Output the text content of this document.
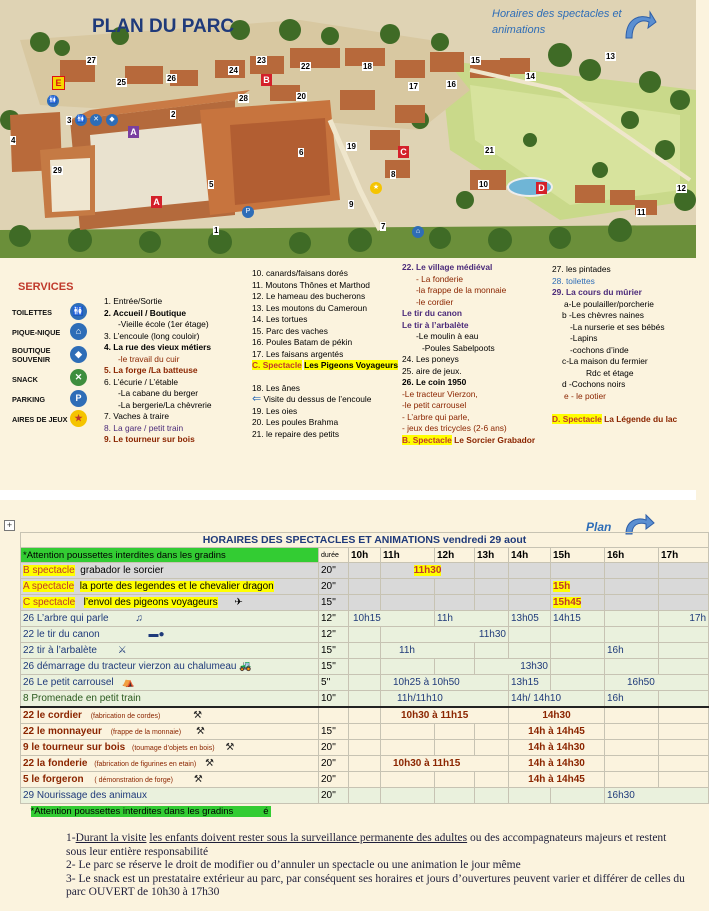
PLAN DU PARC
Horaires des spectacles et animations
27
25	26
24
23
22	18
15
20
19
17	16
13
14
1
2
3
4
5
6
7
8
9
10
11
12
21
28
29
A
A
B
C
D
E
🚻
🚻	✕	◆
P
★
⌂
SERVICES
TOILETTES	🚻
PIQUE-NIQUE	⌂
BOUTIQUE SOUVENIR
◆
SNACK	✕
PARKING	P
AIRES DE JEUX ★
1. Entrée/Sortie
2. Accueil / Boutique
-Vieille école (1er étage)
3. L’encoule (long couloir)
4. La rue des vieux métiers
-le travail du cuir
5. La forge /La batteuse
6. L’écurie / L’étable
-La cabane du berger
-La bergerie/La chèvrerie
7. Vaches à traire
8. La gare / petit train
9. Le tourneur sur bois
10. canards/faisans dorés
11. Moutons Thônes et Marthod
12. Le hameau des bucherons
13. Les moutons du Cameroun
14. Les tortues
15. Parc des vaches
16. Poules Batam de pékin
17. Les faisans argentés
C. Spectacle Les Pigeons Voyageurs
18. Les ânes
⇐ Visite du dessus de l’encoule
19. Les oies
20. Les poules Brahma
21. le repaire des petits
22. Le village médiéval
- La fonderie
-la frappe de la monnaie
-le cordier
Le tir du canon
Le tir à l’arbalète
-Le moulin à eau
-Poules Sabelpoots
24. Les poneys
25. aire de jeux.
26. Le coin 1950
-Le tracteur Vierzon,
-le petit carrousel
- L’arbre qui parle,
- jeux des tricycles (2-6 ans)
B. Spectacle Le Sorcier Grabador
27. les pintades
28. toilettes
29. La cours du mûrier
a-Le poulailler/porcherie
b -Les chèvres naines
-La nurserie et ses bébés
-Lapins
-cochons d’inde
c-La maison du fermier
Rdc et étage
d -Cochons noirs
e - le potier
D. Spectacle La Légende du lac
+	Plan
HORAIRES DES SPECTACLES ET ANIMATIONS vendredi 29 aout									
*Attention poussettes interdites dans les gradins	durée	10h	11h	12h	13h	14h	15h	16h	17h
B spectacle grabador le sorcier	20''		11h30						
A spectacle la porte des legendes et le chevalier dragon	20''						15h		
C spectacle l’envol des pigeons voyageurs ✈	15''						15h45		
26 L’arbre qui parle ♫	12''	10h15		11h		13h05	14h15		17h
22 le tir du canon ▬●	12''		11h30						
22 tir à l’arbalète ⚔	15''		11h					16h	
26 démarrage du tracteur vierzon au chalumeau 🚜	15''				13h30				
26 Le petit carrousel ⛺	5''		10h25 à 10h50			13h15		16h50	
8 Promenade en petit train	10''		11h/11h10			14h/ 14h10		16h	
22 le cordier (fabrication de cordes) ⚒			10h30 à 11h15			14h30			
22 le monnayeur (frappe de la monnaie) ⚒	15''					14h à 14h45			
9 le tourneur sur bois (toumage d’objets en bois) ⚒	20''					14h à 14h30			
22 la fonderie (fabrication de figurines en etain) ⚒	20''		10h30 à 11h15			14h à 14h30			
5 le forgeron ( démonstration de forge) ⚒	20''					14h à 14h45			
29 Nourissage des animaux	20''							16h30	
*Attention poussettes interdites dans les gradins é									
1-Durant la visite les enfants doivent rester sous la surveillance permanente des adultes ou des accompagnateurs majeurs et restent sous leur entière responsabilité
2- Le parc se réserve le droit de modifier ou d’annuler un spectacle ou une animation le jour même
3- Le snack est un prestataire extérieur au parc, par conséquent ses horaires et jours d’ouvertures peuvent varier et différer de celles du parc OUVERT de 10h30 à 17h30
